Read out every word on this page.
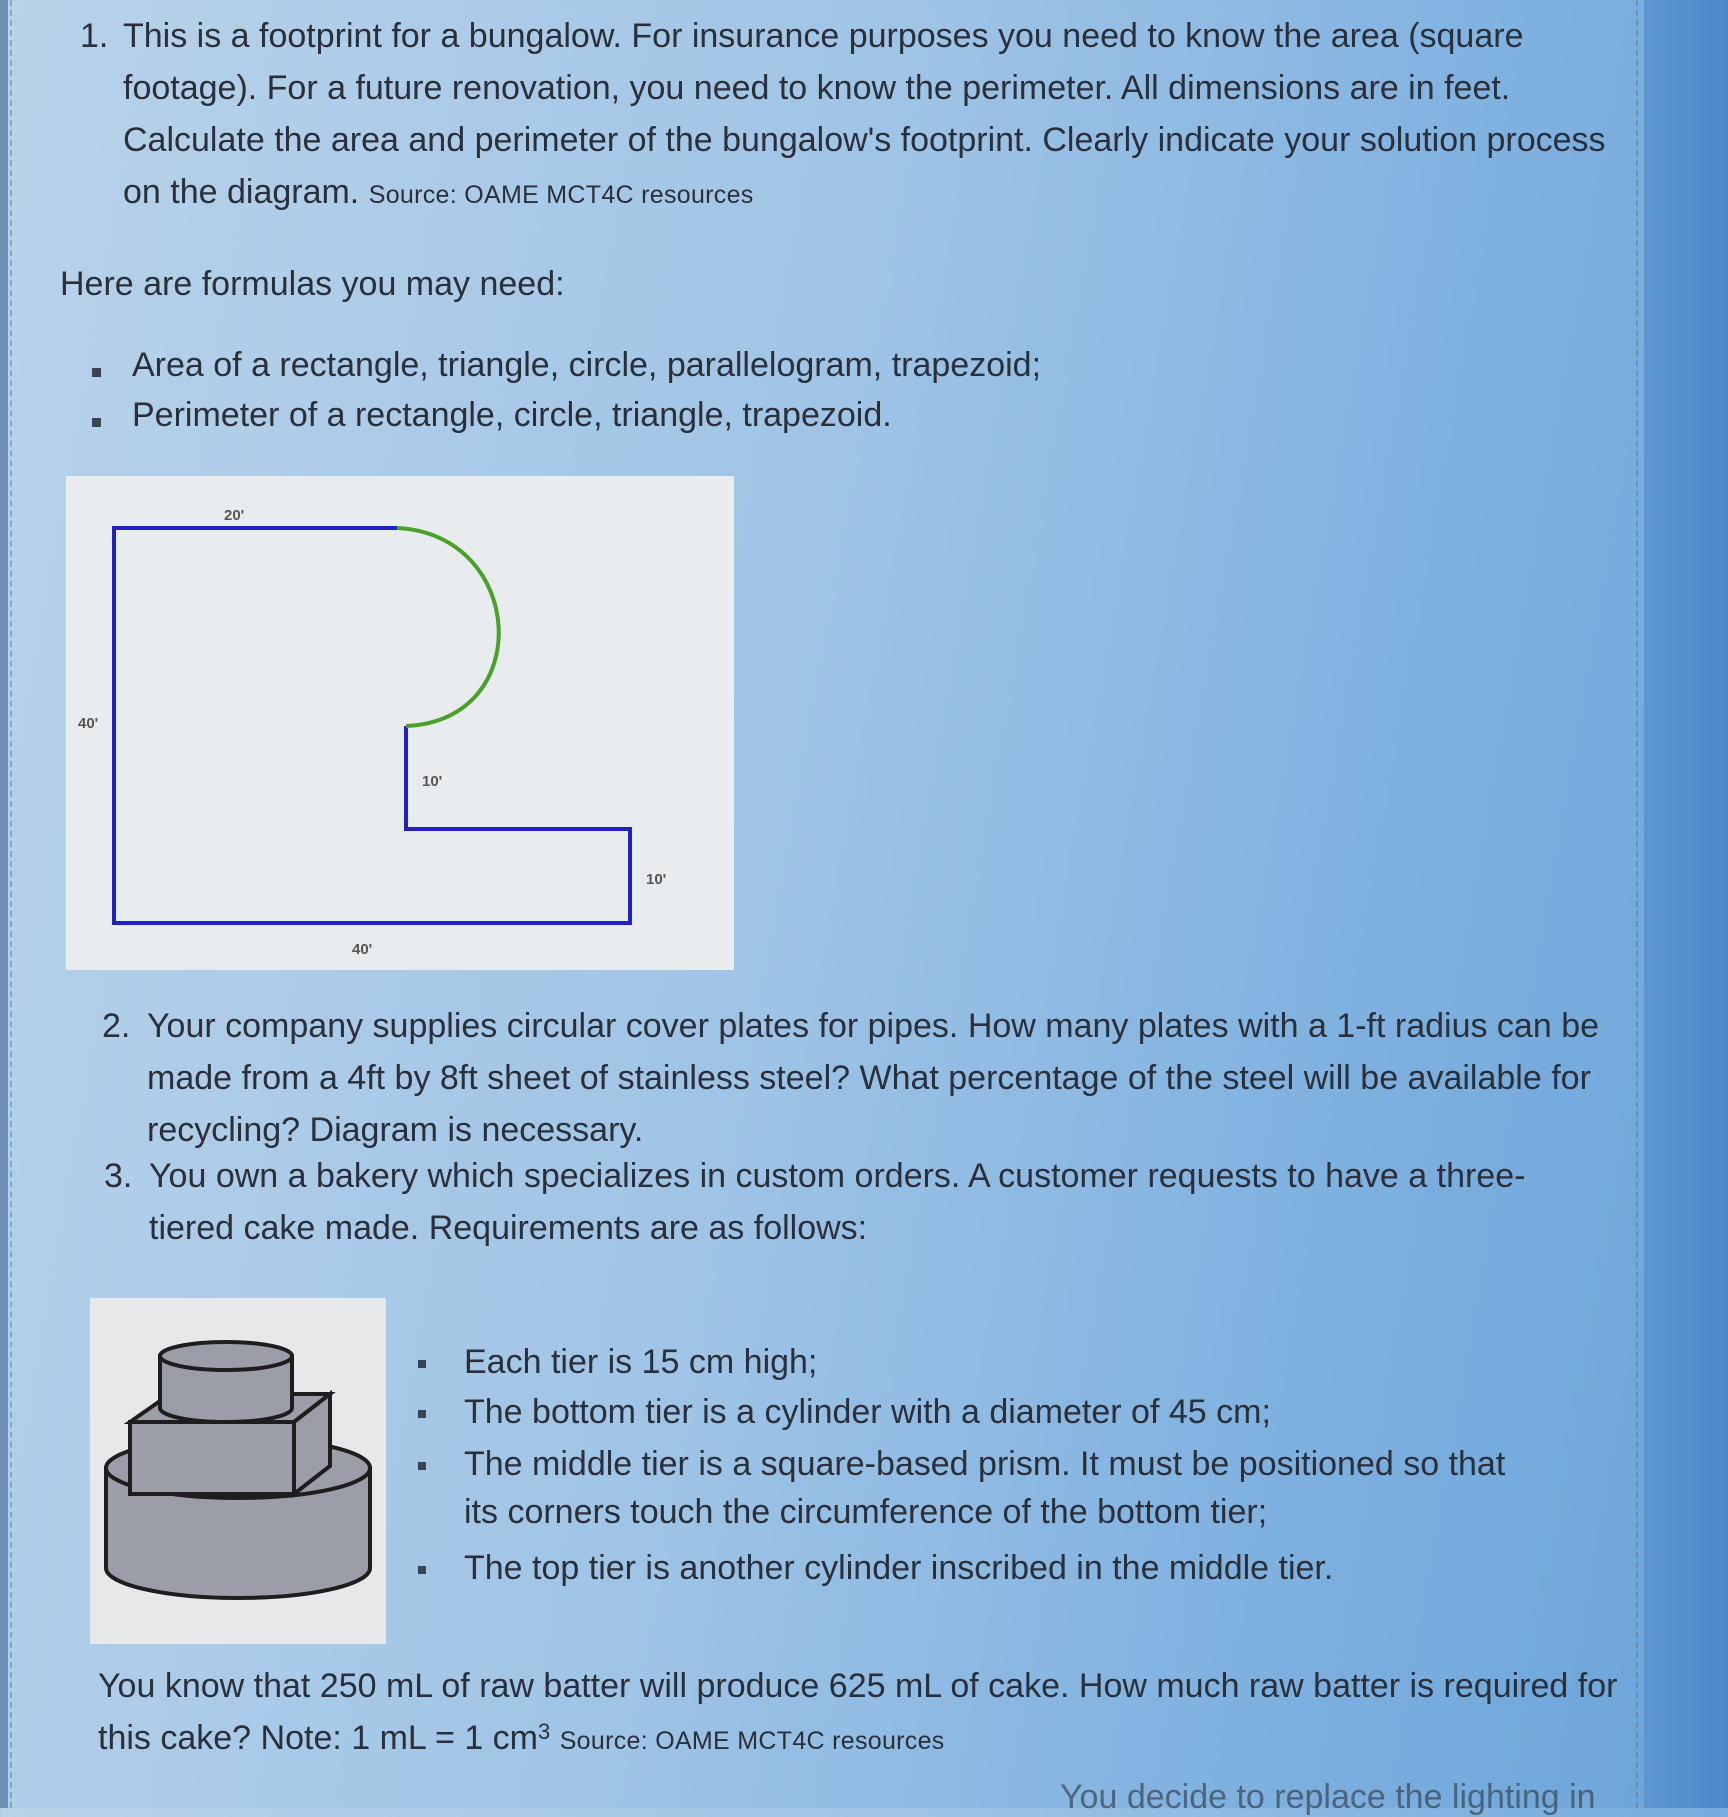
1. This is a footprint for a bungalow. For insurance purposes you need to know the area (square footage). For a future renovation, you need to know the perimeter. All dimensions are in feet. Calculate the area and perimeter of the bungalow's footprint. Clearly indicate your solution process on the diagram. Source: OAME MCT4C resources
Here are formulas you may need:
Area of a rectangle, triangle, circle, parallelogram, trapezoid;
Perimeter of a rectangle, circle, triangle, trapezoid.
20'
40'
10'
10'
40'
2. Your company supplies circular cover plates for pipes. How many plates with a 1-ft radius can be made from a 4ft by 8ft sheet of stainless steel? What percentage of the steel will be available for recycling? Diagram is necessary.
3. You own a bakery which specializes in custom orders. A customer requests to have a three-tiered cake made. Requirements are as follows:
Each tier is 15 cm high;
The bottom tier is a cylinder with a diameter of 45 cm;
The middle tier is a square-based prism. It must be positioned so that its corners touch the circumference of the bottom tier;
The top tier is another cylinder inscribed in the middle tier.
You know that 250 mL of raw batter will produce 625 mL of cake. How much raw batter is required for this cake? Note: 1 mL = 1 $cm^3$ Source: OAME MCT4C resources
You decide to replace the lighting in
